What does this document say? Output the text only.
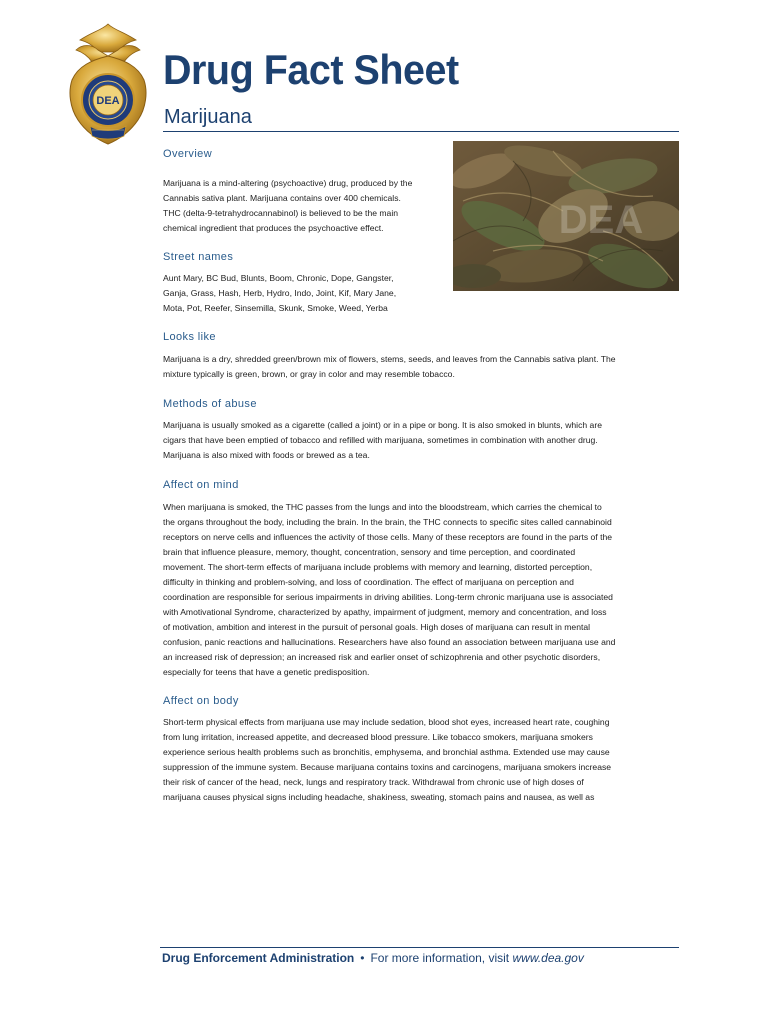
DEA
Drug Fact Sheet
Marijuana
DEA
Overview
Marijuana is a mind-altering (psychoactive) drug, produced by the
Cannabis sativa plant. Marijuana contains over 400 chemicals.
THC (delta-9-tetrahydrocannabinol) is believed to be the main
chemical ingredient that produces the psychoactive effect.
Street names
Aunt Mary, BC Bud, Blunts, Boom, Chronic, Dope, Gangster,
Ganja, Grass, Hash, Herb, Hydro, Indo, Joint, Kif, Mary Jane,
Mota, Pot, Reefer, Sinsemilla, Skunk, Smoke, Weed, Yerba
Looks like
Marijuana is a dry, shredded green/brown mix of flowers, stems, seeds, and leaves from the Cannabis sativa plant. The
mixture typically is green, brown, or gray in color and may resemble tobacco.
Methods of abuse
Marijuana is usually smoked as a cigarette (called a joint) or in a pipe or bong. It is also smoked in blunts, which are
cigars that have been emptied of tobacco and refilled with marijuana, sometimes in combination with another drug.
Marijuana is also mixed with foods or brewed as a tea.
Affect on mind
When marijuana is smoked, the THC passes from the lungs and into the bloodstream, which carries the chemical to
the organs throughout the body, including the brain. In the brain, the THC connects to specific sites called cannabinoid
receptors on nerve cells and influences the activity of those cells. Many of these receptors are found in the parts of the
brain that influence pleasure, memory, thought, concentration, sensory and time perception, and coordinated
movement. The short-term effects of marijuana include problems with memory and learning, distorted perception,
difficulty in thinking and problem-solving, and loss of coordination. The effect of marijuana on perception and
coordination are responsible for serious impairments in driving abilities. Long-term chronic marijuana use is associated
with Amotivational Syndrome, characterized by apathy, impairment of judgment, memory and concentration, and loss
of motivation, ambition and interest in the pursuit of personal goals. High doses of marijuana can result in mental
confusion, panic reactions and hallucinations. Researchers have also found an association between marijuana use and
an increased risk of depression; an increased risk and earlier onset of schizophrenia and other psychotic disorders,
especially for teens that have a genetic predisposition.
Affect on body
Short-term physical effects from marijuana use may include sedation, blood shot eyes, increased heart rate, coughing
from lung irritation, increased appetite, and decreased blood pressure. Like tobacco smokers, marijuana smokers
experience serious health problems such as bronchitis, emphysema, and bronchial asthma. Extended use may cause
suppression of the immune system. Because marijuana contains toxins and carcinogens, marijuana smokers increase
their risk of cancer of the head, neck, lungs and respiratory track. Withdrawal from chronic use of high doses of
marijuana causes physical signs including headache, shakiness, sweating, stomach pains and nausea, as well as
Drug Enforcement Administration • For more information, visit www.dea.gov
